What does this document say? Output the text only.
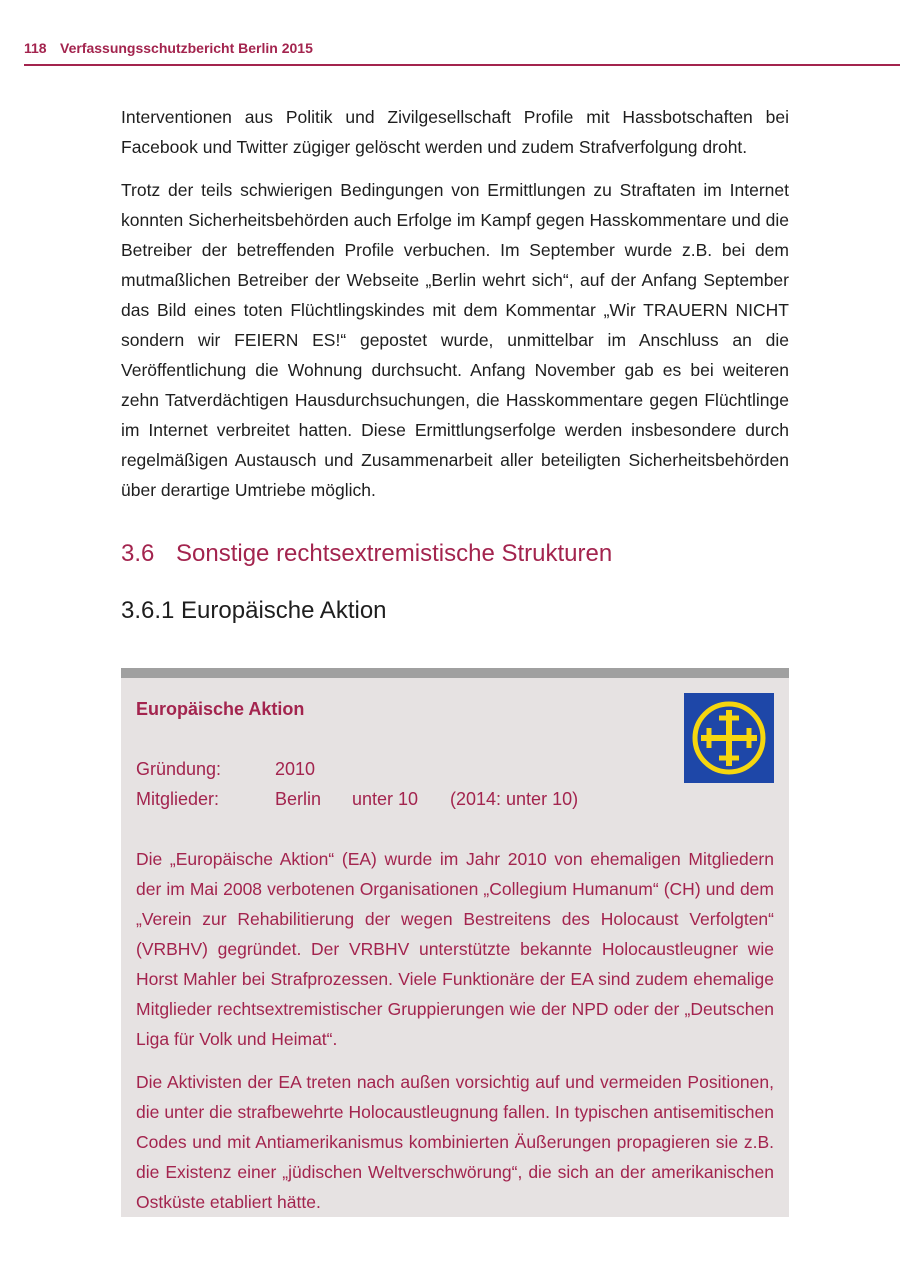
118 Verfassungsschutzbericht Berlin 2015

Interventionen aus Politik und Zivilgesellschaft Profile mit Hassbotschaften bei Facebook und Twitter zügiger gelöscht werden und zudem Strafverfolgung droht.

Trotz der teils schwierigen Bedingungen von Ermittlungen zu Straftaten im Internet konnten Sicherheitsbehörden auch Erfolge im Kampf gegen Hasskommentare und die Betreiber der betreffenden Profile verbuchen. Im September wurde z.B. bei dem mutmaßlichen Betreiber der Webseite „Berlin wehrt sich“, auf der Anfang September das Bild eines toten Flüchtlingskindes mit dem Kommentar „Wir TRAUERN NICHT sondern wir FEIERN ES!“ gepostet wurde, unmittelbar im Anschluss an die Veröffentlichung die Wohnung durchsucht. Anfang November gab es bei weiteren zehn Tatverdächtigen Hausdurchsuchungen, die Hasskommentare gegen Flüchtlinge im Internet verbreitet hatten. Diese Ermittlungserfolge werden insbesondere durch regelmäßigen Austausch und Zusammenarbeit aller beteiligten Sicherheitsbehörden über derartige Umtriebe möglich.

3.6 Sonstige rechtsextremistische Strukturen
3.6.1 Europäische Aktion

Europäische Aktion

Gründung:	2010
Mitglieder:	Berlin unter 10 (2014: unter 10)

Die „Europäische Aktion“ (EA) wurde im Jahr 2010 von ehemaligen Mitgliedern der im Mai 2008 verbotenen Organisationen „Collegium Humanum“ (CH) und dem „Verein zur Rehabilitierung der wegen Bestreitens des Holocaust Verfolgten“ (VRBHV) gegründet. Der VRBHV unterstützte bekannte Holocaustleugner wie Horst Mahler bei Strafprozessen. Viele Funktionäre der EA sind zudem ehemalige Mitglieder rechtsextremistischer Gruppierungen wie der NPD oder der „Deutschen Liga für Volk und Heimat“.

Die Aktivisten der EA treten nach außen vorsichtig auf und vermeiden Positionen, die unter die strafbewehrte Holocaustleugnung fallen. In typischen antisemitischen Codes und mit Antiamerikanismus kombinierten Äußerungen propagieren sie z.B. die Existenz einer „jüdischen Weltverschwörung“, die sich an der amerikanischen Ostküste etabliert hätte.
